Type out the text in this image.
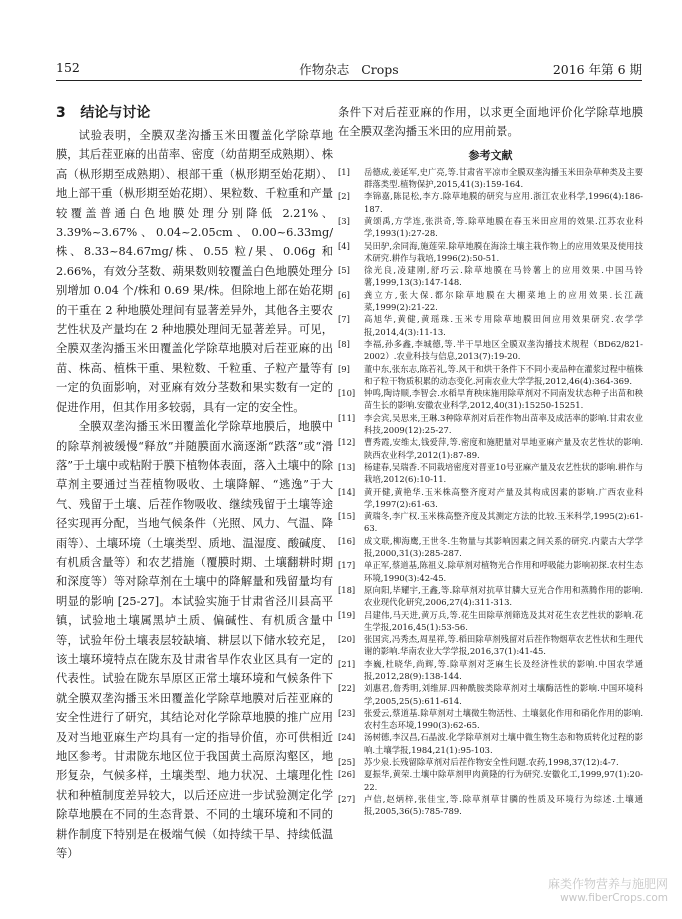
152	作物杂志 Crops	2016 年第 6 期
3 结论与讨论

试验表明，全膜双垄沟播玉米田覆盖化学除草地膜，其后茬亚麻的出苗率、密度（幼苗期至成熟期）、株高（枞形期至成熟期）、根部干重（枞形期至始花期）、地上部干重（枞形期至始花期）、果粒数、千粒重和产量较覆盖普通白色地膜处理分别降低 2.21%、3.39%~3.67%、0.04~2.05cm、0.00~6.33mg/株、8.33~84.67mg/株、0.55 粒/果、0.06g 和 2.66%，有效分茎数、蒴果数则较覆盖白色地膜处理分别增加 0.04 个/株和 0.69 果/株。但除地上部在始花期的干重在 2 种地膜处理间有显著差异外，其他各主要农艺性状及产量均在 2 种地膜处理间无显著差异。可见，全膜双垄沟播玉米田覆盖化学除草地膜对后茬亚麻的出苗、株高、植株干重、果粒数、千粒重、子粒产量等有一定的负面影响，对亚麻有效分茎数和果实数有一定的促进作用，但其作用多较弱，具有一定的安全性。

全膜双垄沟播玉米田覆盖化学除草地膜后，地膜中的除草剂被缓慢“释放”并随膜面水滴逐渐“跌落”或“滑落”于土壤中或粘附于膜下植物体表面，落入土壤中的除草剂主要通过当茬植物吸收、土壤降解、“逃逸”于大气、残留于土壤、后茬作物吸收、继续残留于土壤等途径实现再分配，当地气候条件（光照、风力、气温、降雨等）、土壤环境（土壤类型、质地、温湿度、酸碱度、有机质含量等）和农艺措施（覆膜时期、土壤翻耕时期和深度等）等对除草剂在土壤中的降解量和残留量均有明显的影响 [25-27]。本试验实施于甘肃省泾川县高平镇，试验地土壤属黑垆土质、偏碱性、有机质含量中等，试验年份土壤表层较缺墒、耕层以下储水较充足，该土壤环境特点在陇东及甘肃省旱作农业区具有一定的代表性。试验在陇东旱原区正常土壤环境和气候条件下就全膜双垄沟播玉米田覆盖化学除草地膜对后茬亚麻的安全性进行了研究，其结论对化学除草地膜的推广应用及对当地亚麻生产均具有一定的指导价值，亦可供相近地区参考。甘肃陇东地区位于我国黄土高原沟壑区，地形复杂，气候多样，土壤类型、地力状况、土壤理化性状和种植制度差异较大，以后还应进一步试验测定化学除草地膜在不同的生态背景、不同的土壤环境和不同的耕作制度下特别是在极端气候（如持续干旱、持续低温等）

条件下对后茬亚麻的作用，以求更全面地评价化学除草地膜在全膜双垄沟播玉米田的应用前景。

参考文献
[1]	岳德成,姜延军,史广亮,等.甘肃省平凉市全膜双垄沟播玉米田杂草种类及主要群落类型.植物保护,2015,41(3):159-164.
[2]	李锦嘉,陈昆松,李方.除草地膜的研究与应用.浙江农业科学,1996(4):186-187.
[3]	黄颂禹,方学连,张洪奇,等.除草地膜在春玉米田应用的效果.江苏农业科学,1993(1):27-28.
[4]	吴田驴,余同海,施莲荣.除草地膜在海涂土壤主栽作物上的应用效果及使用技术研究.耕作与栽培,1996(2):50-51.
[5]	徐光良,凌建刚,舒巧云.除草地膜在马铃薯上的应用效果.中国马铃薯,1999,13(3):147-148.
[6]	龚立方,张大保.都尔除草地膜在大棚菜地上的应用效果.长江蔬菜,1999(2):21-22.
[7]	高旭华,黄健,黄瑶珠.玉米专用除草地膜田间应用效果研究.农学学报,2014,4(3):11-13.
[8]	李福,孙多鑫,李城德,等.半干旱地区全膜双垄沟播技术规程（BD62/821-2002）.农业科技与信息,2013(7):19-20.
[9]	董中东,张东志,陈若礼,等.风干和烘干条件下不同小麦品种在灌浆过程中植株和子粒干物质积累的动态变化.河南农业大学学报,2012,46(4):364-369.
[10]	钟鸣,陶诗顺,李智会.水稻旱育秧床施用除草剂对不同南发状态种子出苗和秧苗生长的影响.安徽农业科学,2012,40(31):15250-15251.
[11]	李会宾,吴思来,王琳.3种除草剂对后茬作物出苗率及成活率的影响.甘肃农业科技,2009(12):25-27.
[12]	曹秀霞,安维太,钱爱萍,等.密度和施肥量对旱地亚麻产量及农艺性状的影响.陕西农业科学,2012(1):87-89.
[13]	杨建春,吴瑞香.不同栽培密度对晋亚10号亚麻产量及农艺性状的影响.耕作与栽培,2012(6):10-11.
[14]	黄开健,黄艳华.玉米株高整齐度对产量及其构成因素的影响.广西农业科学,1997(2):61-63.
[15]	黄瑞冬,李广权.玉米株高整齐度及其测定方法的比较.玉米科学,1995(2):61-63.
[16]	成文联,柳海鹰,王世冬.生物量与其影响因素之间关系的研究.内蒙古大学学报,2000,31(3):285-287.
[17]	单正军,蔡道基,陈祖义.除草剂对植物光合作用和呼吸能力影响初探.农村生态环境,1990(3):42-45.
[18]	原向阳,毕耀宇,王鑫,等.除草剂对抗草甘膦大豆光合作用和蒸腾作用的影响.农业现代化研究,2006,27(4):311-313.
[19]	吕建伟,马天进,黄万兵,等.花生田除草剂筛选及其对花生农艺性状的影响.花生学报,2016,45(1):53-56.
[20]	张国宾,冯秀杰,周星祥,等.稻田除草剂残留对后茬作物烟草农艺性状和生理代谢的影响.华南农业大学学报,2016,37(1):41-45.
[21]	李巍,杜晓华,尚辉,等.除草剂对芝麻生长及经济性状的影响.中国农学通报,2012,28(9):138-144.
[22]	刘惠君,詹秀明,刘维屏.四种酰胺类除草剂对土壤酶活性的影响.中国环境科学,2005,25(5):611-614.
[23]	张爱云,蔡道基.除草剂对土壤微生物活性、土壤氨化作用和硝化作用的影响.农村生态环境,1990(3):62-65.
[24]	汤树德,李汉昌,石晶波.化学除草剂对土壤中微生物生态和物质转化过程的影响.土壤学报,1984,21(1):95-103.
[25]	苏少泉.长残留除草剂对后茬作物安全性问题.农药,1998,37(12):4-7.
[26]	夏振华,黄荣.土壤中除草剂甲肉黄隆的行为研究.安徽化工,1999,97(1):20-22.
[27]	卢信,赵炳梓,张佳宝,等.除草剂草甘膦的性质及环境行为综述.土壤通报,2005,36(5):785-789.
麻类作物营养与施肥网
www.fiberCrops.com
